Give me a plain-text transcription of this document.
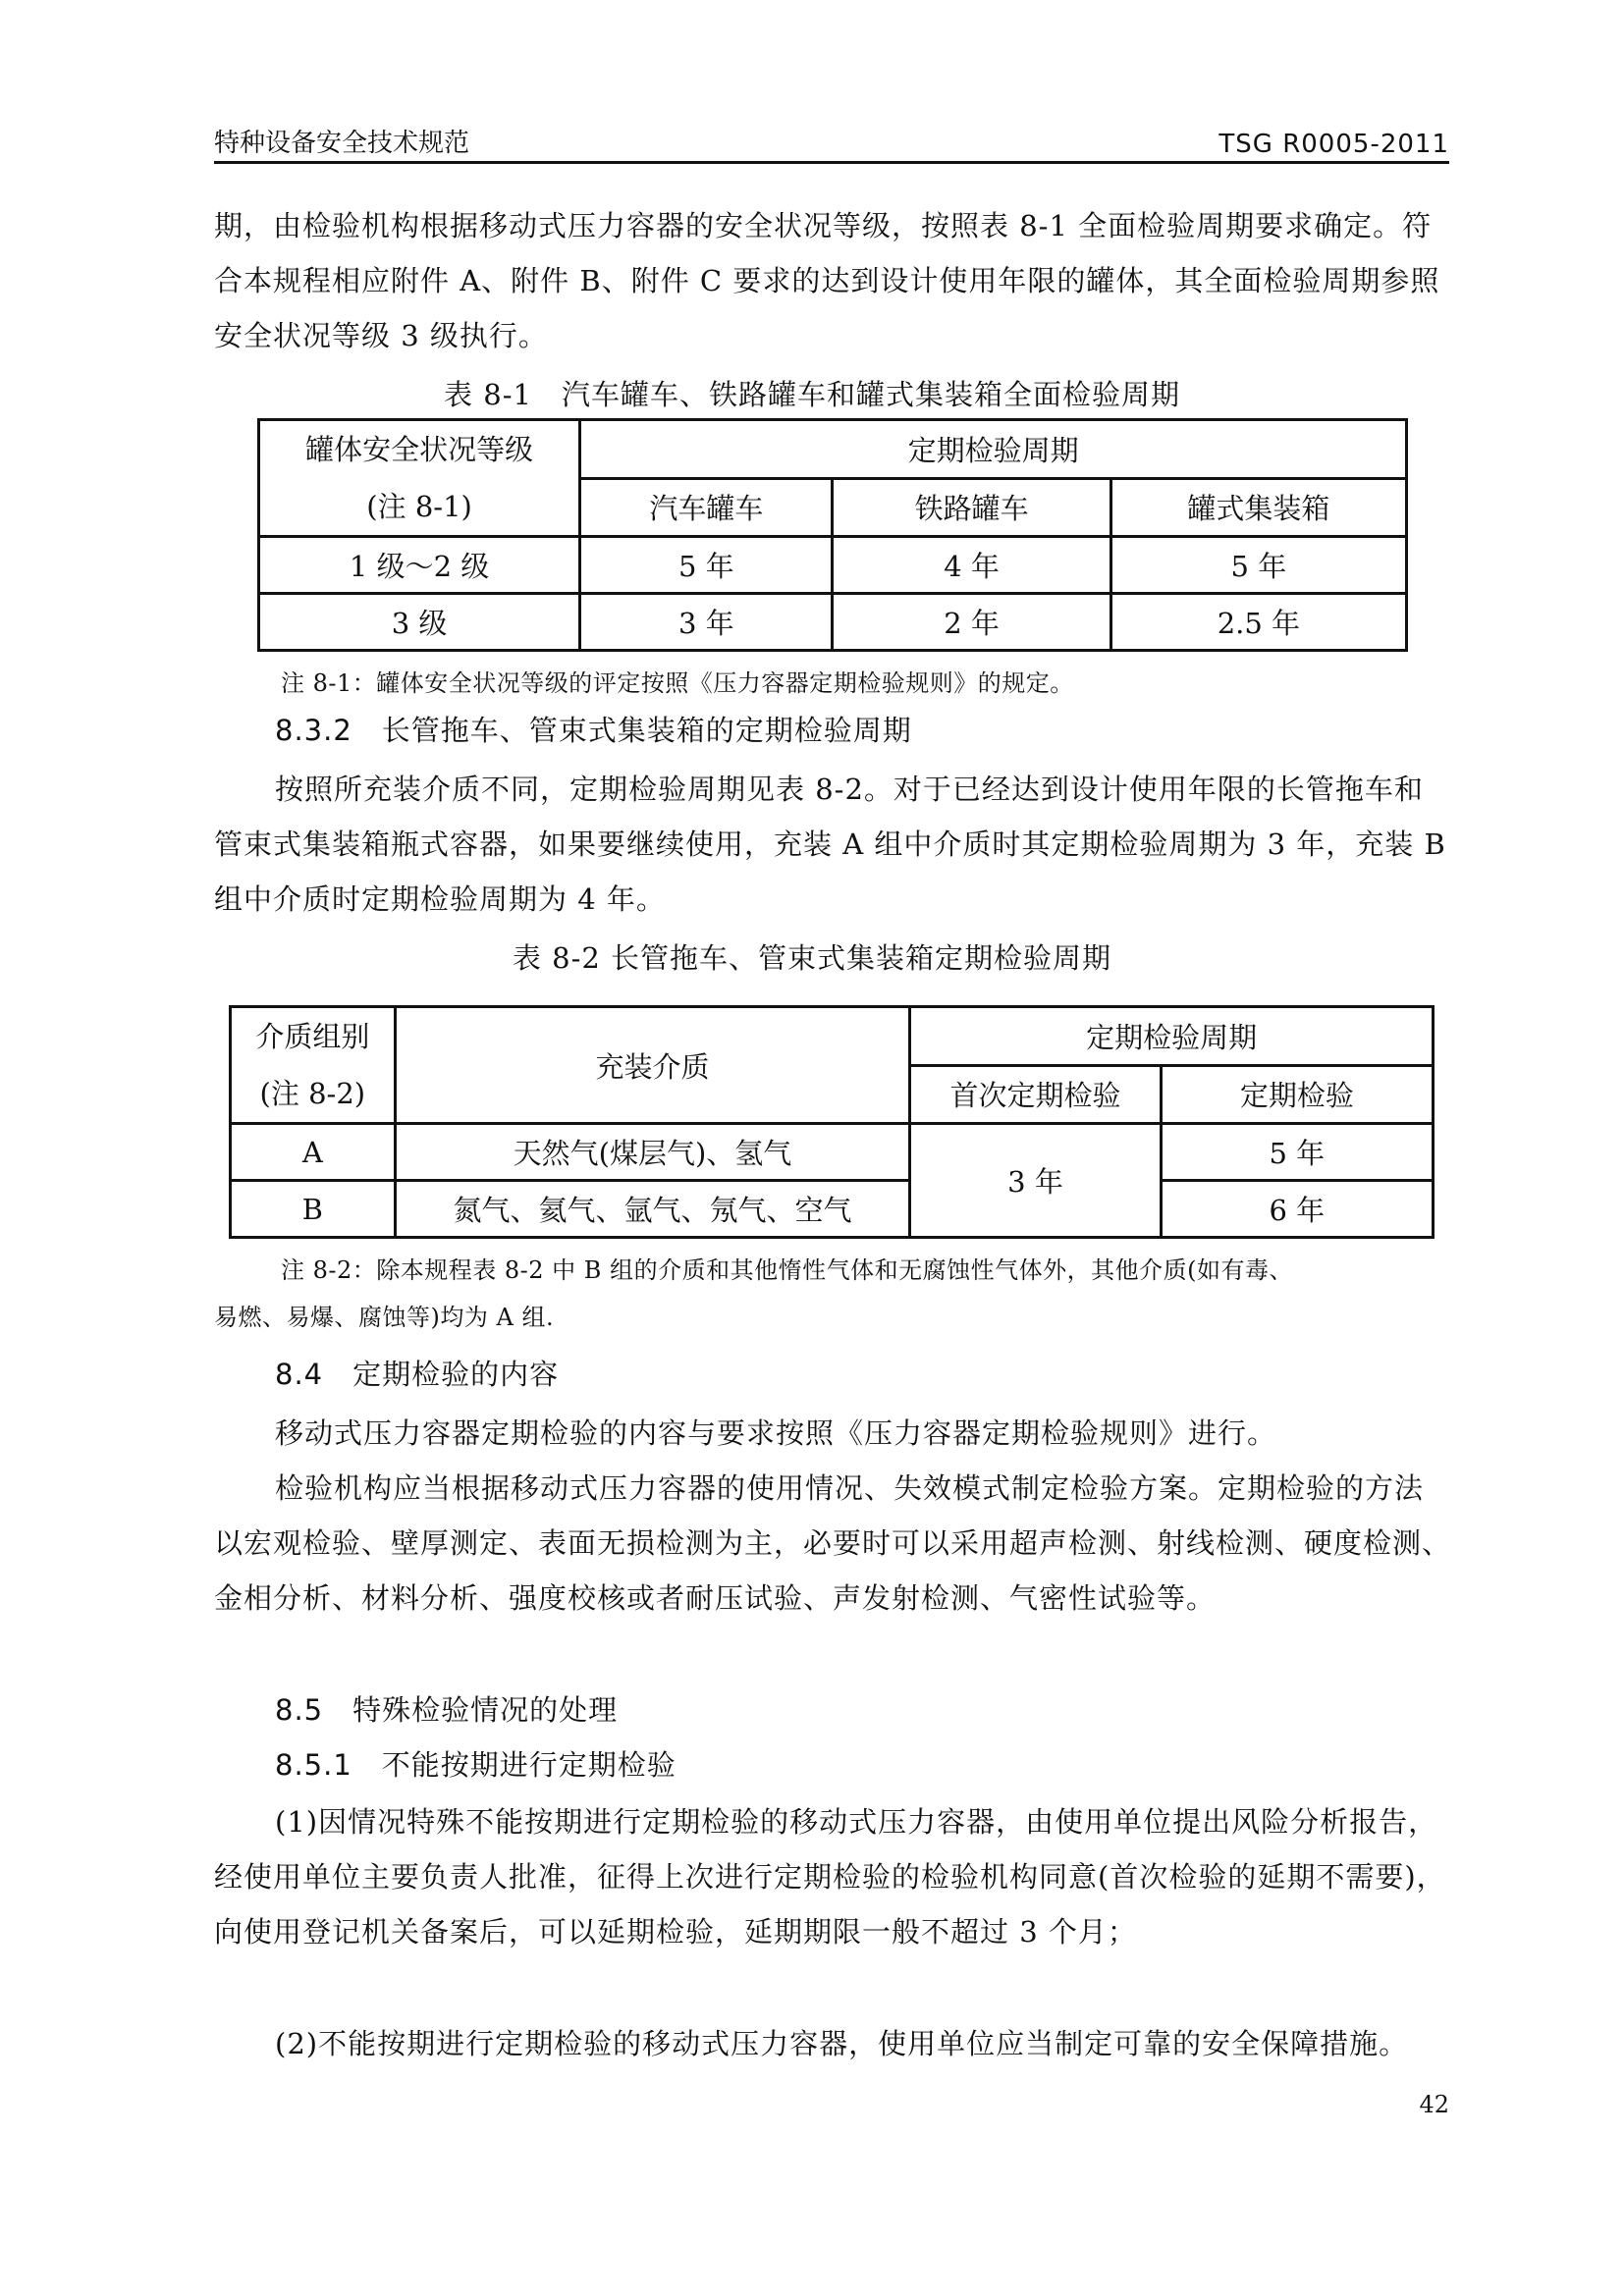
特种设备安全技术规范	TSG R0005-2011

期，由检验机构根据移动式压力容器的安全状况等级，按照表 8-1 全面检验周期要求确定。符合本规程相应附件 A、附件 B、附件 C 要求的达到设计使用年限的罐体，其全面检验周期参照安全状况等级 3 级执行。

表 8-1　汽车罐车、铁路罐车和罐式集装箱全面检验周期
罐体安全状况等级
(注 8-1)	定期检验周期		
	汽车罐车	铁路罐车	罐式集装箱
1 级～2 级	5 年	4 年	5 年
3 级	3 年	2 年	2.5 年
注 8-1：罐体安全状况等级的评定按照《压力容器定期检验规则》的规定。
8.3.2　长管拖车、管束式集装箱的定期检验周期

按照所充装介质不同，定期检验周期见表 8-2。对于已经达到设计使用年限的长管拖车和管束式集装箱瓶式容器，如果要继续使用，充装 A 组中介质时其定期检验周期为 3 年，充装 B 组中介质时定期检验周期为 4 年。

表 8-2 长管拖车、管束式集装箱定期检验周期
介质组别
(注 8-2)	充装介质	定期检验周期	
		首次定期检验	定期检验
A	天然气(煤层气)、氢气	3 年	5 年
B	氮气、氦气、氩气、氖气、空气		6 年
注 8-2：除本规程表 8-2 中 B 组的介质和其他惰性气体和无腐蚀性气体外，其他介质(如有毒、
易燃、易爆、腐蚀等)均为 A 组.
8.4　定期检验的内容

移动式压力容器定期检验的内容与要求按照《压力容器定期检验规则》进行。

检验机构应当根据移动式压力容器的使用情况、失效模式制定检验方案。定期检验的方法以宏观检验、壁厚测定、表面无损检测为主，必要时可以采用超声检测、射线检测、硬度检测、金相分析、材料分析、强度校核或者耐压试验、声发射检测、气密性试验等。

8.5　特殊检验情况的处理
8.5.1　不能按期进行定期检验

(1)因情况特殊不能按期进行定期检验的移动式压力容器，由使用单位提出风险分析报告，经使用单位主要负责人批准，征得上次进行定期检验的检验机构同意(首次检验的延期不需要)，向使用登记机关备案后，可以延期检验，延期期限一般不超过 3 个月；

(2)不能按期进行定期检验的移动式压力容器，使用单位应当制定可靠的安全保障措施。

42
